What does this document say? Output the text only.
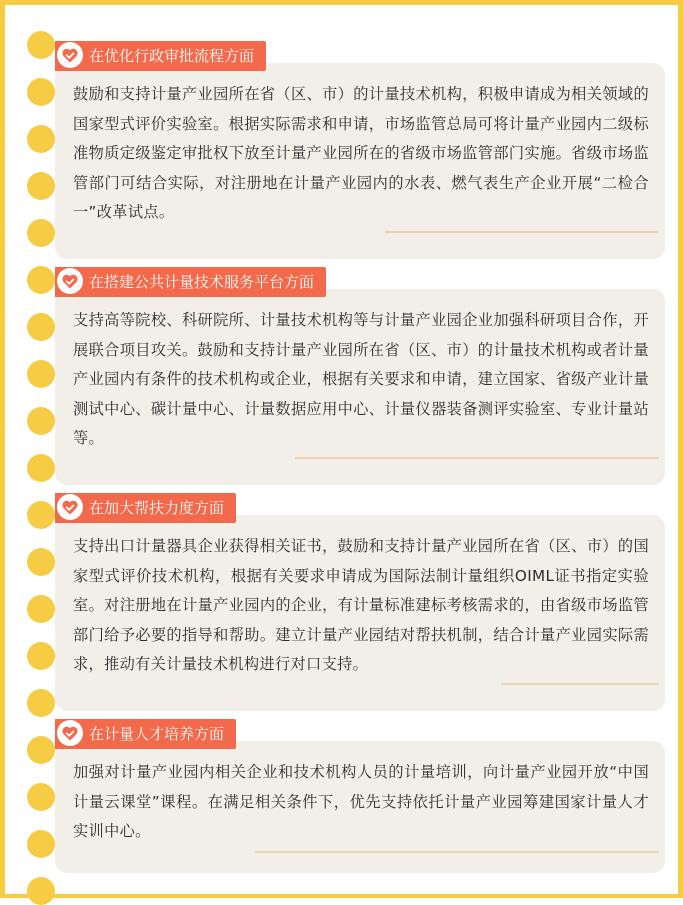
鼓励和支持计量产业园所在省（区、市）的计量技术机构，积极申请成为相关领域的国家型式评价实验室。根据实际需求和申请，市场监管总局可将计量产业园内二级标准物质定级鉴定审批权下放至计量产业园所在的省级市场监管部门实施。省级市场监管部门可结合实际，对注册地在计量产业园内的水表、燃气表生产企业开展“二检合一”改革试点。
在优化行政审批流程方面
支持高等院校、科研院所、计量技术机构等与计量产业园企业加强科研项目合作，开展联合项目攻关。鼓励和支持计量产业园所在省（区、市）的计量技术机构或者计量产业园内有条件的技术机构或企业，根据有关要求和申请，建立国家、省级产业计量测试中心、碳计量中心、计量数据应用中心、计量仪器装备测评实验室、专业计量站等。
在搭建公共计量技术服务平台方面
支持出口计量器具企业获得相关证书，鼓励和支持计量产业园所在省（区、市）的国家型式评价技术机构，根据有关要求申请成为国际法制计量组织OIML证书指定实验室。对注册地在计量产业园内的企业，有计量标准建标考核需求的，由省级市场监管部门给予必要的指导和帮助。建立计量产业园结对帮扶机制，结合计量产业园实际需求，推动有关计量技术机构进行对口支持。
在加大帮扶力度方面
加强对计量产业园内相关企业和技术机构人员的计量培训，向计量产业园开放“中国计量云课堂”课程。在满足相关条件下，优先支持依托计量产业园筹建国家计量人才实训中心。
在计量人才培养方面
